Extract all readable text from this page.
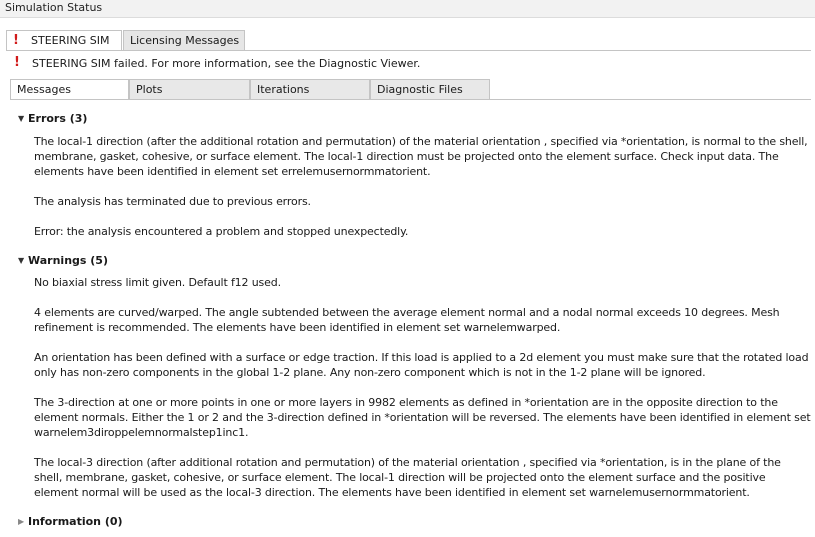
Simulation Status
! STEERING SIM Licensing Messages
! STEERING SIM failed. For more information, see the Diagnostic Viewer.
Messages	Plots	Iterations	Diagnostic Files
▼ Errors (3)
The local-1 direction (after the additional rotation and permutation) of the material orientation , specified via *orientation, is normal to the shell, membrane, gasket, cohesive, or surface element. The local-1 direction must be projected onto the element surface. Check input data. The elements have been identified in element set errelemusernormmatorient.
The analysis has terminated due to previous errors.
Error: the analysis encountered a problem and stopped unexpectedly.
▼ Warnings (5)
No biaxial stress limit given. Default f12 used.
4 elements are curved/warped. The angle subtended between the average element normal and a nodal normal exceeds 10 degrees. Mesh refinement is recommended. The elements have been identified in element set warnelemwarped.
An orientation has been defined with a surface or edge traction. If this load is applied to a 2d element you must make sure that the rotated load only has non-zero components in the global 1-2 plane. Any non-zero component which is not in the 1-2 plane will be ignored.
The 3-direction at one or more points in one or more layers in 9982 elements as defined in *orientation are in the opposite direction to the element normals. Either the 1 or 2 and the 3-direction defined in *orientation will be reversed. The elements have been identified in element set warnelem3diroppelemnormalstep1inc1.
The local-3 direction (after additional rotation and permutation) of the material orientation , specified via *orientation, is in the plane of the shell, membrane, gasket, cohesive, or surface element. The local-1 direction will be projected onto the element surface and the positive element normal will be used as the local-3 direction. The elements have been identified in element set warnelemusernormmatorient.
▶ Information (0)
